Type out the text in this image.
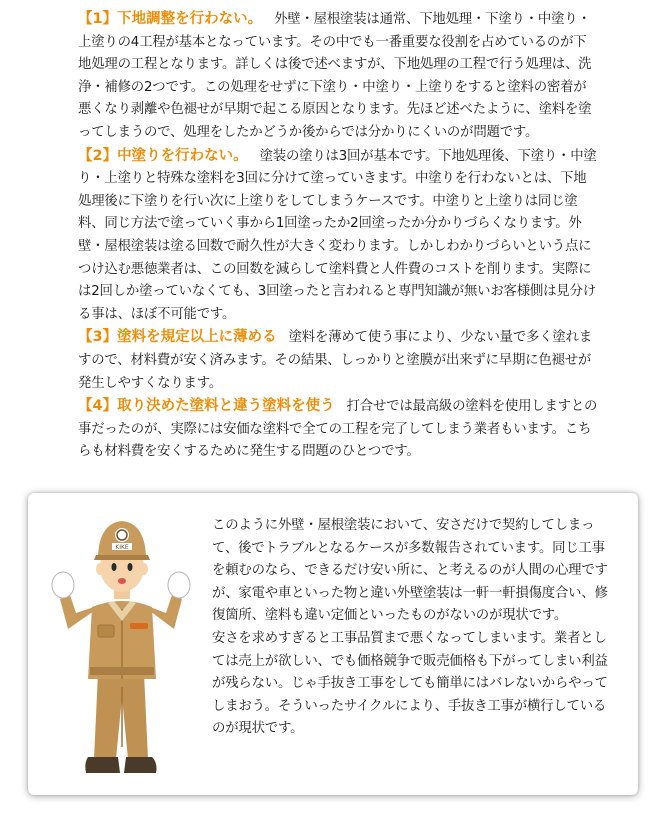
【1】下地調整を行わない。 外壁・屋根塗装は通常、下地処理・下塗り・中塗り・上塗りの4工程が基本となっています。その中でも一番重要な役割を占めているのが下地処理の工程となります。詳しくは後で述べますが、下地処理の工程で行う処理は、洗浄・補修の2つです。この処理をせずに下塗り・中塗り・上塗りをすると塗料の密着が悪くなり剥離や色褪せが早期で起こる原因となります。先ほど述べたように、塗料を塗ってしまうので、処理をしたかどうか後からでは分かりにくいのが問題です。

【2】中塗りを行わない。 塗装の塗りは3回が基本です。下地処理後、下塗り・中塗り・上塗りと特殊な塗料を3回に分けて塗っていきます。中塗りを行わないとは、下地処理後に下塗りを行い次に上塗りをしてしまうケースです。中塗りと上塗りは同じ塗料、同じ方法で塗っていく事から1回塗ったか2回塗ったか分かりづらくなります。外壁・屋根塗装は塗る回数で耐久性が大きく変わります。しかしわかりづらいという点につけ込む悪徳業者は、この回数を減らして塗料費と人件費のコストを削ります。実際には2回しか塗っていなくても、3回塗ったと言われると専門知識が無いお客様側は見分ける事は、ほぼ不可能です。

【3】塗料を規定以上に薄める 塗料を薄めて使う事により、少ない量で多く塗れますので、材料費が安く済みます。その結果、しっかりと塗膜が出来ずに早期に色褪せが発生しやすくなります。

【4】取り決めた塗料と違う塗料を使う 打合せでは最高級の塗料を使用しますとの事だったのが、実際には安価な塗料で全ての工程を完了してしまう業者もいます。こちらも材料費を安くするために発生する問題のひとつです。

KIKE

このように外壁・屋根塗装において、安さだけで契約してしまって、後でトラブルとなるケースが多数報告されています。同じ工事を頼むのなら、できるだけ安い所に、と考えるのが人間の心理ですが、家電や車といった物と違い外壁塗装は一軒一軒損傷度合い、修復箇所、塗料も違い定価といったものがないのが現状です。

安さを求めすぎると工事品質まで悪くなってしまいます。業者としては売上が欲しい、でも価格競争で販売価格も下がってしまい利益が残らない。じゃ手抜き工事をしても簡単にはバレないからやってしまおう。そういったサイクルにより、手抜き工事が横行しているのが現状です。
